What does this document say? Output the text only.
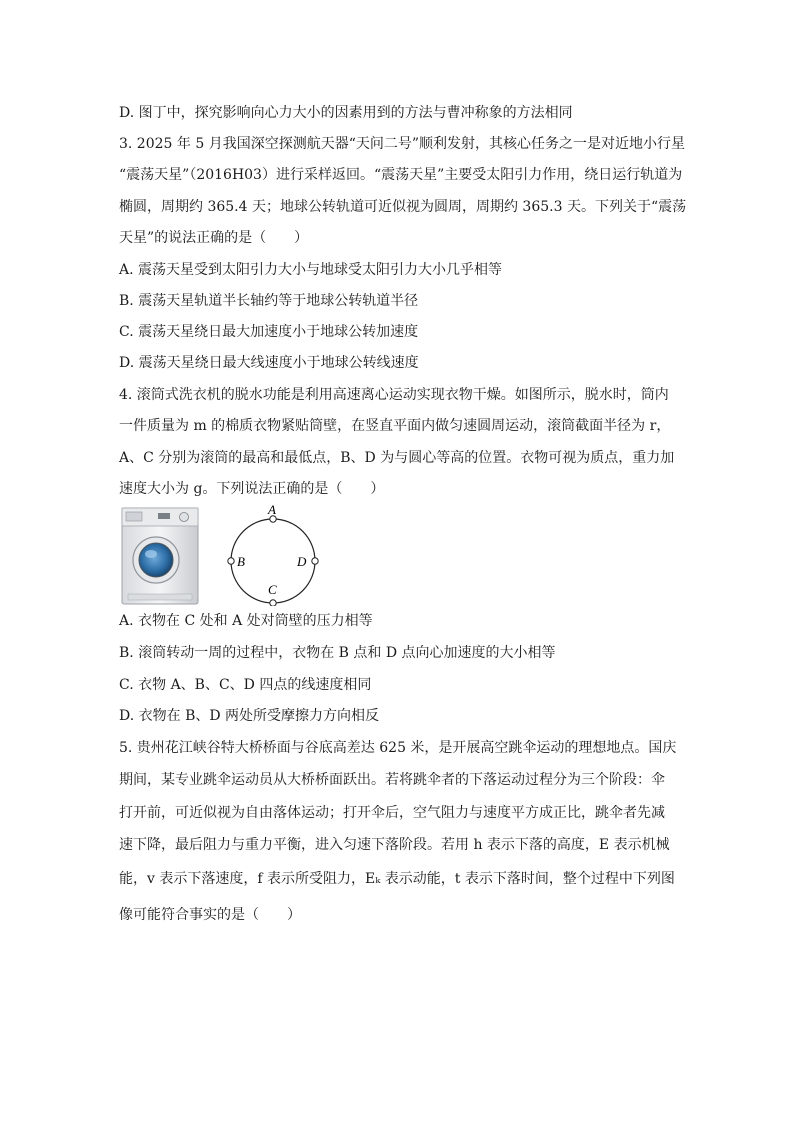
D. 图丁中，探究影响向心力大小的因素用到的方法与曹冲称象的方法相同
3. 2025 年 5 月我国深空探测航天器“天问二号”顺利发射，其核心任务之一是对近地小行星
“震荡天星”（2016H03）进行采样返回。“震荡天星”主要受太阳引力作用，绕日运行轨道为
椭圆，周期约 365.4 天；地球公转轨道可近似视为圆周，周期约 365.3 天。下列关于“震荡
天星”的说法正确的是（　　）
A. 震荡天星受到太阳引力大小与地球受太阳引力大小几乎相等
B. 震荡天星轨道半长轴约等于地球公转轨道半径
C. 震荡天星绕日最大加速度小于地球公转加速度
D. 震荡天星绕日最大线速度小于地球公转线速度
4. 滚筒式洗衣机的脱水功能是利用高速离心运动实现衣物干燥。如图所示，脱水时，筒内
一件质量为 m 的棉质衣物紧贴筒壁，在竖直平面内做匀速圆周运动，滚筒截面半径为 r，
A、C 分别为滚筒的最高和最低点，B、D 为与圆心等高的位置。衣物可视为质点，重力加
速度大小为 g。下列说法正确的是（　　）
A
C
B	D
A. 衣物在 C 处和 A 处对筒壁的压力相等
B. 滚筒转动一周的过程中，衣物在 B 点和 D 点向心加速度的大小相等
C. 衣物 A、B、C、D 四点的线速度相同
D. 衣物在 B、D 两处所受摩擦力方向相反
5. 贵州花江峡谷特大桥桥面与谷底高差达 625 米，是开展高空跳伞运动的理想地点。国庆
期间，某专业跳伞运动员从大桥桥面跃出。若将跳伞者的下落运动过程分为三个阶段：伞
打开前，可近似视为自由落体运动；打开伞后，空气阻力与速度平方成正比，跳伞者先减
速下降，最后阻力与重力平衡，进入匀速下落阶段。若用 h 表示下落的高度，E 表示机械
能，v 表示下落速度，f 表示所受阻力，Eₖ 表示动能，t 表示下落时间，整个过程中下列图
像可能符合事实的是（　　）
